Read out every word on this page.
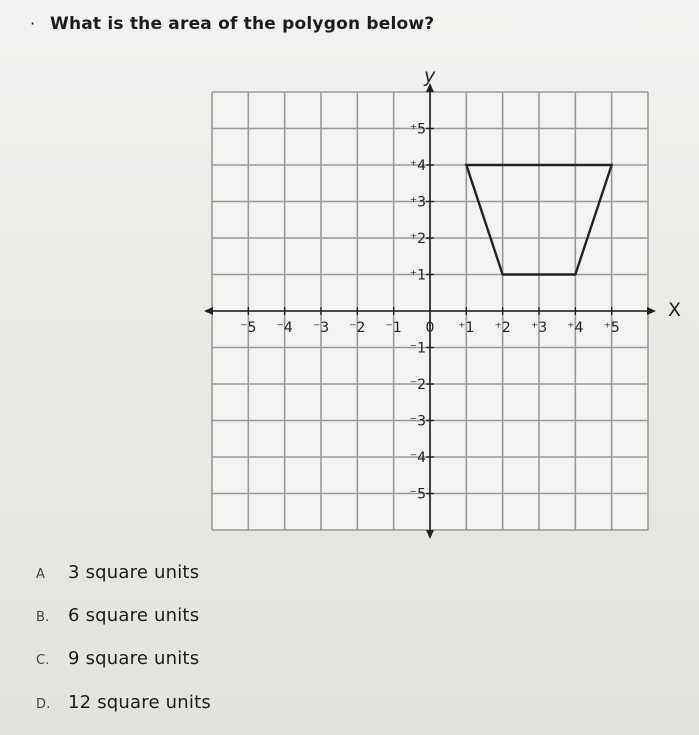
· What is the area of the polygon below?
X
y
⁻5 ⁻4 ⁻3 ⁻2 ⁻1 0 ⁺1 ⁺2 ⁺3 ⁺4 ⁺5
⁺5
⁺4
⁺3
⁺2
⁺1
⁻1
⁻2
⁻3
⁻4
⁻5
A 3 square units
B. 6 square units
C. 9 square units
D. 12 square units
